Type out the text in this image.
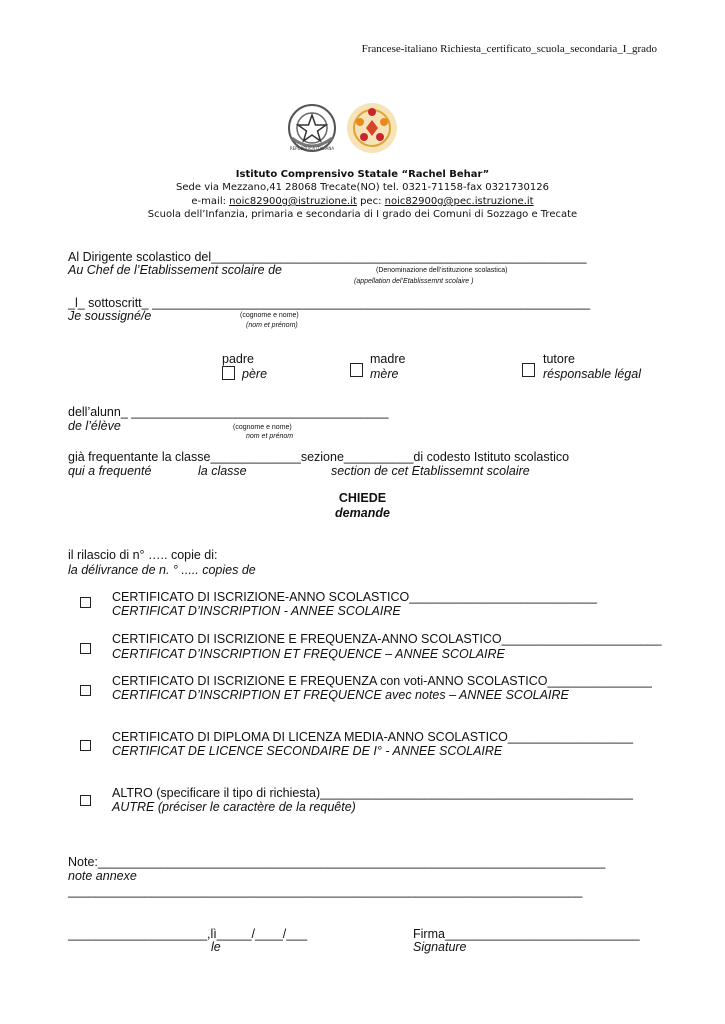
Francese-italiano Richiesta_certificato_scuola_secondaria_I_grado
REPUBBLICA ITALIANA
Istituto Comprensivo Statale “Rachel Behar”
Sede via Mezzano,41 28068 Trecate(NO) tel. 0321-71158-fax 0321730126
e-mail: noic82900g@istruzione.it pec: noic82900g@pec.istruzione.it
Scuola dell’Infanzia, primaria e secondaria di I grado dei Comuni di Sozzago e Trecate
Al Dirigente scolastico del______________________________________________________
Au Chef de l’Etablissement scolaire de	(Denominazione dell’istituzione scolastica)
(appellation del’Etablissemnt scolaire )
_l_ sottoscritt_ _______________________________________________________________
Je soussigné/e	(cognome e nome)
(nom et prénom)
padre
père
madre
mère
tutore
résponsable légal
dell’alunn_ _____________________________________
de l’élève	(cognome e nome)
nom et prénom
già frequentante la classe_____________sezione__________di codesto Istituto scolastico
qui a frequenté	la classe	section de cet Etablissemnt scolaire
CHIEDE
demande
il rilascio di n° ….. copie di:
la délivrance de n. ° ..... copies de
CERTIFICATO DI ISCRIZIONE-ANNO SCOLASTICO___________________________
CERTIFICAT D’INSCRIPTION - ANNEE SCOLAIRE
CERTIFICATO DI ISCRIZIONE E FREQUENZA-ANNO SCOLASTICO_______________________
CERTIFICAT D’INSCRIPTION ET FREQUENCE – ANNEE SCOLAIRE
CERTIFICATO DI ISCRIZIONE E FREQUENZA con voti-ANNO SCOLASTICO_______________
CERTIFICAT D’INSCRIPTION ET FREQUENCE avec notes – ANNEE SCOLAIRE
CERTIFICATO DI DIPLOMA DI LICENZA MEDIA-ANNO SCOLASTICO__________________
CERTIFICAT DE LICENCE SECONDAIRE DE I° - ANNEE SCOLAIRE
ALTRO (specificare il tipo di richiesta)_____________________________________________
AUTRE (préciser le caractère de la requête)
Note:_________________________________________________________________________
note annexe
__________________________________________________________________________
____________________,lì_____/____/___
le
Firma____________________________
Signature
